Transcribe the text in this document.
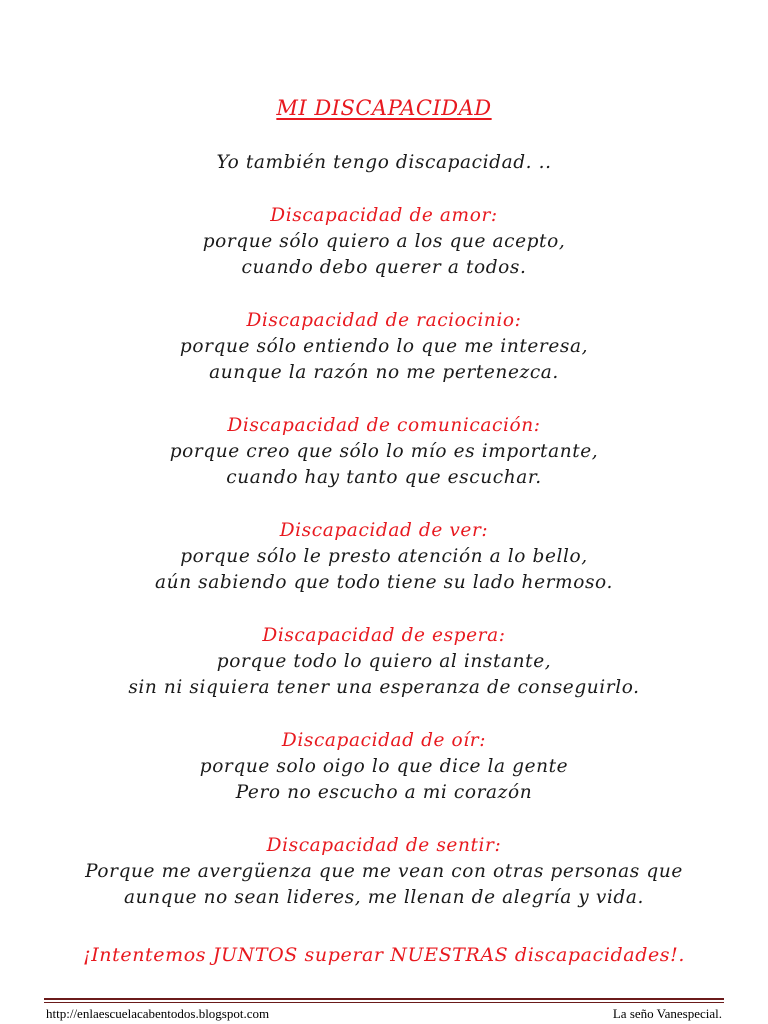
MI DISCAPACIDAD
Yo también tengo discapacidad. ..
Discapacidad de amor:
porque sólo quiero a los que acepto,
cuando debo querer a todos.
Discapacidad de raciocinio:
porque sólo entiendo lo que me interesa,
aunque la razón no me pertenezca.
Discapacidad de comunicación:
porque creo que sólo lo mío es importante,
cuando hay tanto que escuchar.
Discapacidad de ver:
porque sólo le presto atención a lo bello,
aún sabiendo que todo tiene su lado hermoso.
Discapacidad de espera:
porque todo lo quiero al instante,
sin ni siquiera tener una esperanza de conseguirlo.
Discapacidad de oír:
porque solo oigo lo que dice la gente
Pero no escucho a mi corazón
Discapacidad de sentir:
Porque me avergüenza que me vean con otras personas que
aunque no sean lideres, me llenan de alegría y vida.
¡Intentemos JUNTOS superar NUESTRAS discapacidades!.
http://enlaescuelacabentodos.blogspot.com	La seño Vanespecial.
